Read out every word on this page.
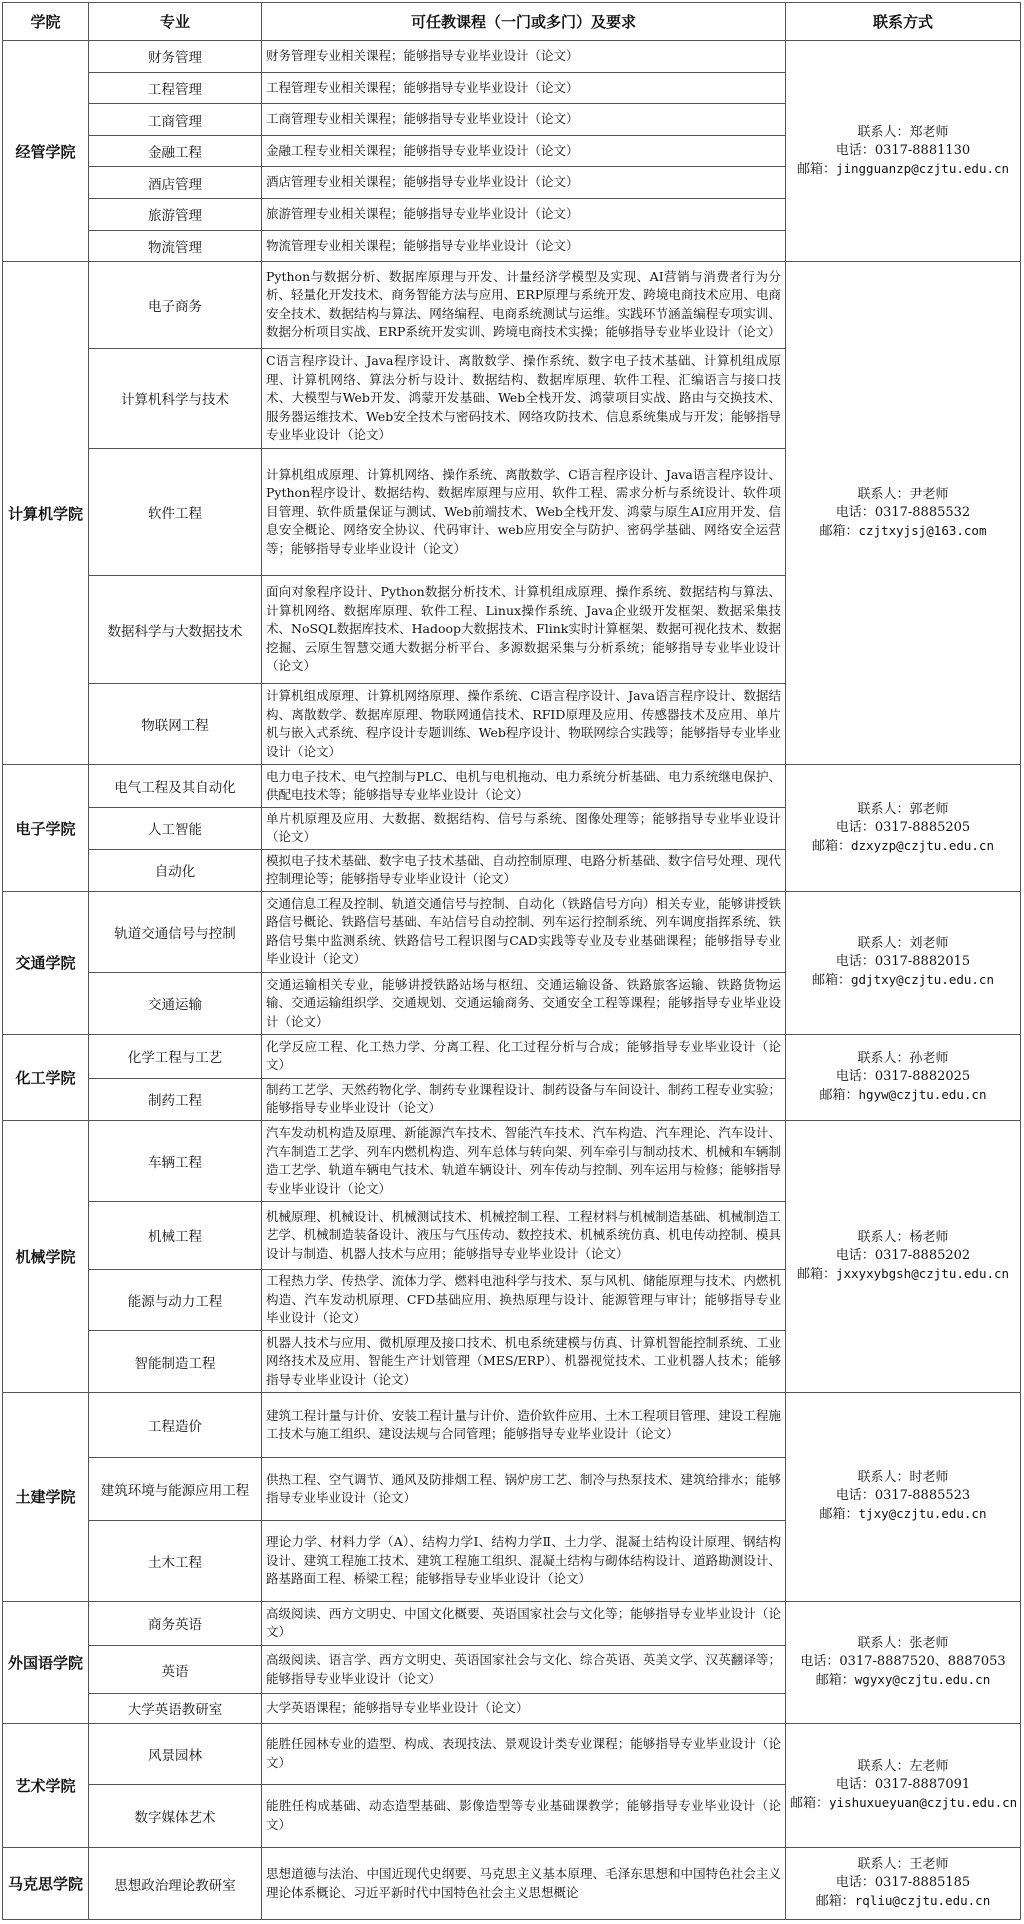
学院	专业	可任教课程（一门或多门）及要求	联系方式
经管学院	财务管理	财务管理专业相关课程；能够指导专业毕业设计（论文）	联系人：郑老师
电话：0317-8881130
邮箱：jingguanzp@czjtu.edu.cn

	工程管理	工程管理专业相关课程；能够指导专业毕业设计（论文）	
	工商管理	工商管理专业相关课程；能够指导专业毕业设计（论文）	
	金融工程	金融工程专业相关课程；能够指导专业毕业设计（论文）	
	酒店管理	酒店管理专业相关课程；能够指导专业毕业设计（论文）	
	旅游管理	旅游管理专业相关课程；能够指导专业毕业设计（论文）	
	物流管理	物流管理专业相关课程；能够指导专业毕业设计（论文）	
计算机学院	电子商务	Python与数据分析、数据库原理与开发、计量经济学模型及实现、AI营销与消费者行为分析、轻量化开发技术、商务智能方法与应用、ERP原理与系统开发、跨境电商技术应用、电商安全技术、数据结构与算法、网络编程、电商系统测试与运维。实践环节涵盖编程专项实训、数据分析项目实战、ERP系统开发实训、跨境电商技术实操；能够指导专业毕业设计（论文）	联系人：尹老师
电话：0317-8885532
邮箱：czjtxyjsj@163.com

	计算机科学与技术	C语言程序设计、Java程序设计、离散数学、操作系统、数字电子技术基础、计算机组成原理、计算机网络、算法分析与设计、数据结构、数据库原理、软件工程、汇编语言与接口技术、大模型与Web开发、鸿蒙开发基础、Web全栈开发、鸿蒙项目实战、路由与交换技术、服务器运维技术、Web安全技术与密码技术、网络攻防技术、信息系统集成与开发；能够指导专业毕业设计（论文）	
	软件工程	计算机组成原理、计算机网络、操作系统、离散数学、C语言程序设计、Java语言程序设计、Python程序设计、数据结构、数据库原理与应用、软件工程、需求分析与系统设计、软件项目管理、软件质量保证与测试、Web前端技术、Web全栈开发、鸿蒙与原生AI应用开发、信息安全概论、网络安全协议、代码审计、web应用安全与防护、密码学基础、网络安全运营等；能够指导专业毕业设计（论文）	
	数据科学与大数据技术	面向对象程序设计、Python数据分析技术、计算机组成原理、操作系统、数据结构与算法、计算机网络、数据库原理、软件工程、Linux操作系统、Java企业级开发框架、数据采集技术、NoSQL数据库技术、Hadoop大数据技术、Flink实时计算框架、数据可视化技术、数据挖掘、云原生智慧交通大数据分析平台、多源数据采集与分析系统；能够指导专业毕业设计（论文）	
	物联网工程	计算机组成原理、计算机网络原理、操作系统、C语言程序设计、Java语言程序设计、数据结构、离散数学、数据库原理、物联网通信技术、RFID原理及应用、传感器技术及应用、单片机与嵌入式系统、程序设计专题训练、Web程序设计、物联网综合实践等；能够指导专业毕业设计（论文）	
电子学院	电气工程及其自动化	电力电子技术、电气控制与PLC、电机与电机拖动、电力系统分析基础、电力系统继电保护、供配电技术等；能够指导专业毕业设计（论文）	联系人：郭老师
电话：0317-8885205
邮箱：dzxyzp@czjtu.edu.cn

	人工智能	单片机原理及应用、大数据、数据结构、信号与系统、图像处理等；能够指导专业毕业设计（论文）	
	自动化	模拟电子技术基础、数字电子技术基础、自动控制原理、电路分析基础、数字信号处理、现代控制理论等；能够指导专业毕业设计（论文）	
交通学院	轨道交通信号与控制	交通信息工程及控制、轨道交通信号与控制、自动化（铁路信号方向）相关专业，能够讲授铁路信号概论、铁路信号基础、车站信号自动控制、列车运行控制系统、列车调度指挥系统、铁路信号集中监测系统、铁路信号工程识图与CAD实践等专业及专业基础课程；能够指导专业毕业设计（论文）	联系人：刘老师
电话：0317-8882015
邮箱：gdjtxy@czjtu.edu.cn

	交通运输	交通运输相关专业，能够讲授铁路站场与枢纽、交通运输设备、铁路旅客运输、铁路货物运输、交通运输组织学、交通规划、交通运输商务、交通安全工程等课程；能够指导专业毕业设计（论文）	
化工学院	化学工程与工艺	化学反应工程、化工热力学、分离工程、化工过程分析与合成；能够指导专业毕业设计（论文）	联系人：孙老师
电话：0317-8882025
邮箱：hgyw@czjtu.edu.cn

	制药工程	制药工艺学、天然药物化学、制药专业课程设计、制药设备与车间设计、制药工程专业实验；能够指导专业毕业设计（论文）	
机械学院	车辆工程	汽车发动机构造及原理、新能源汽车技术、智能汽车技术、汽车构造、汽车理论、汽车设计、汽车制造工艺学、列车内燃机构造、列车总体与转向架、列车牵引与制动技术、机械和车辆制造工艺学、轨道车辆电气技术、轨道车辆设计、列车传动与控制、列车运用与检修；能够指导专业毕业设计（论文）	联系人：杨老师
电话：0317-8885202
邮箱：jxxyxybgsh@czjtu.edu.cn

	机械工程	机械原理、机械设计、机械测试技术、机械控制工程、工程材料与机械制造基础、机械制造工艺学、机械制造装备设计、液压与气压传动、数控技术、机械系统仿真、机电传动控制、模具设计与制造、机器人技术与应用；能够指导专业毕业设计（论文）	
	能源与动力工程	工程热力学、传热学、流体力学、燃料电池科学与技术、泵与风机、储能原理与技术、内燃机构造、汽车发动机原理、CFD基础应用、换热原理与设计、能源管理与审计；能够指导专业毕业设计（论文）	
	智能制造工程	机器人技术与应用、微机原理及接口技术、机电系统建模与仿真、计算机智能控制系统、工业网络技术及应用、智能生产计划管理（MES/ERP）、机器视觉技术、工业机器人技术；能够指导专业毕业设计（论文）	
土建学院	工程造价	建筑工程计量与计价、安装工程计量与计价、造价软件应用、土木工程项目管理、建设工程施工技术与施工组织、建设法规与合同管理；能够指导专业毕业设计（论文）	联系人：时老师
电话：0317-8885523
邮箱：tjxy@czjtu.edu.cn

	建筑环境与能源应用工程	供热工程、空气调节、通风及防排烟工程、锅炉房工艺、制冷与热泵技术、建筑给排水；能够指导专业毕业设计（论文）	
	土木工程	理论力学、材料力学（A）、结构力学Ⅰ、结构力学Ⅱ、土力学、混凝土结构设计原理、钢结构设计、建筑工程施工技术、建筑工程施工组织、混凝土结构与砌体结构设计、道路勘测设计、路基路面工程、桥梁工程；能够指导专业毕业设计（论文）	
外国语学院	商务英语	高级阅读、西方文明史、中国文化概要、英语国家社会与文化等；能够指导专业毕业设计（论文）	联系人：张老师
电话：0317-8887520、8887053
邮箱：wgyxy@czjtu.edu.cn

	英语	高级阅读、语言学、西方文明史、英语国家社会与文化、综合英语、英美文学、汉英翻译等；能够指导专业毕业设计（论文）	
	大学英语教研室	大学英语课程；能够指导专业毕业设计（论文）	
艺术学院	风景园林	能胜任园林专业的造型、构成、表现技法、景观设计类专业课程；能够指导专业毕业设计（论文）	联系人：左老师
电话：0317-8887091
邮箱：yishuxueyuan@czjtu.edu.cn

	数字媒体艺术	能胜任构成基础、动态造型基础、影像造型等专业基础课教学；能够指导专业毕业设计（论文）	
马克思学院	思想政治理论教研室	思想道德与法治、中国近现代史纲要、马克思主义基本原理、毛泽东思想和中国特色社会主义理论体系概论、习近平新时代中国特色社会主义思想概论	联系人：王老师
电话：0317-8885185
邮箱：rqliu@czjtu.edu.cn
